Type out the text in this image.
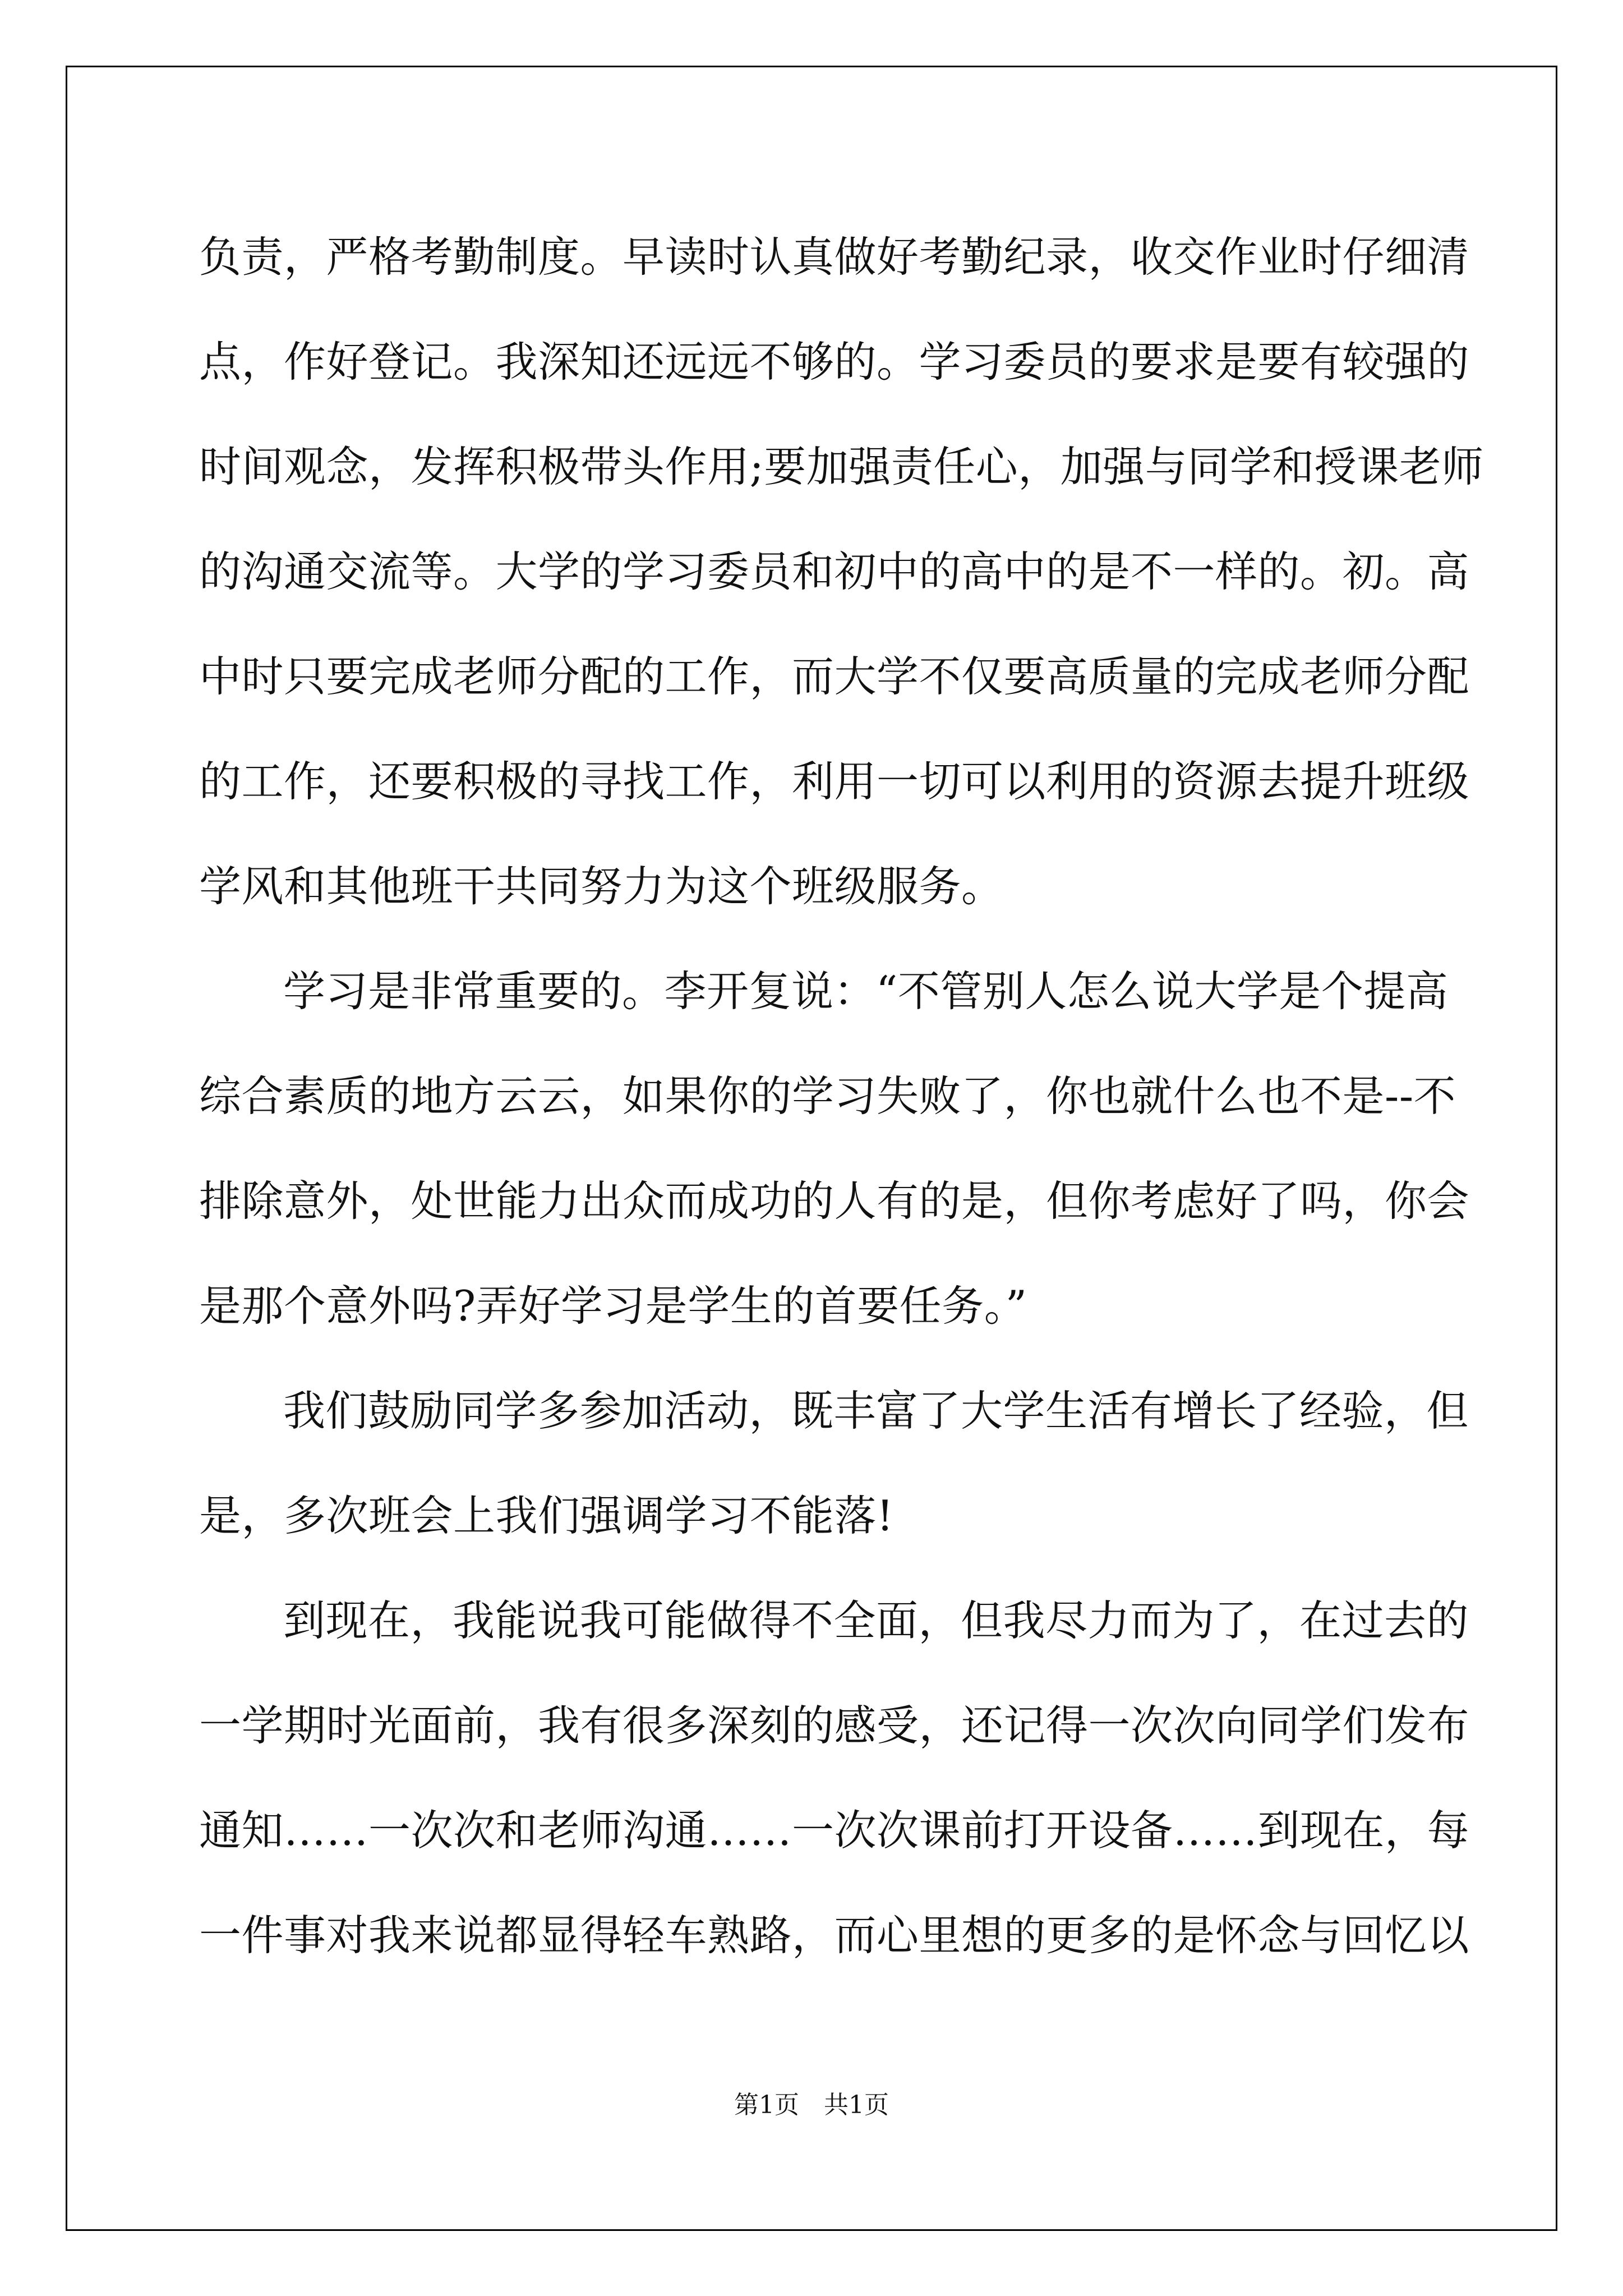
负责，严格考勤制度。早读时认真做好考勤纪录，收交作业时仔细清
点，作好登记。我深知还远远不够的。学习委员的要求是要有较强的
时间观念，发挥积极带头作用;要加强责任心，加强与同学和授课老师
的沟通交流等。大学的学习委员和初中的高中的是不一样的。初。高
中时只要完成老师分配的工作，而大学不仅要高质量的完成老师分配
的工作，还要积极的寻找工作，利用一切可以利用的资源去提升班级
学风和其他班干共同努力为这个班级服务。
学习是非常重要的。李开复说：“不管别人怎么说大学是个提高
综合素质的地方云云，如果你的学习失败了，你也就什么也不是--不
排除意外，处世能力出众而成功的人有的是，但你考虑好了吗，你会
是那个意外吗?弄好学习是学生的首要任务。”
我们鼓励同学多参加活动，既丰富了大学生活有增长了经验，但
是，多次班会上我们强调学习不能落!
到现在，我能说我可能做得不全面，但我尽力而为了，在过去的
一学期时光面前，我有很多深刻的感受，还记得一次次向同学们发布
通知……一次次和老师沟通……一次次课前打开设备……到现在，每
一件事对我来说都显得轻车熟路，而心里想的更多的是怀念与回忆以
第1页　共1页
